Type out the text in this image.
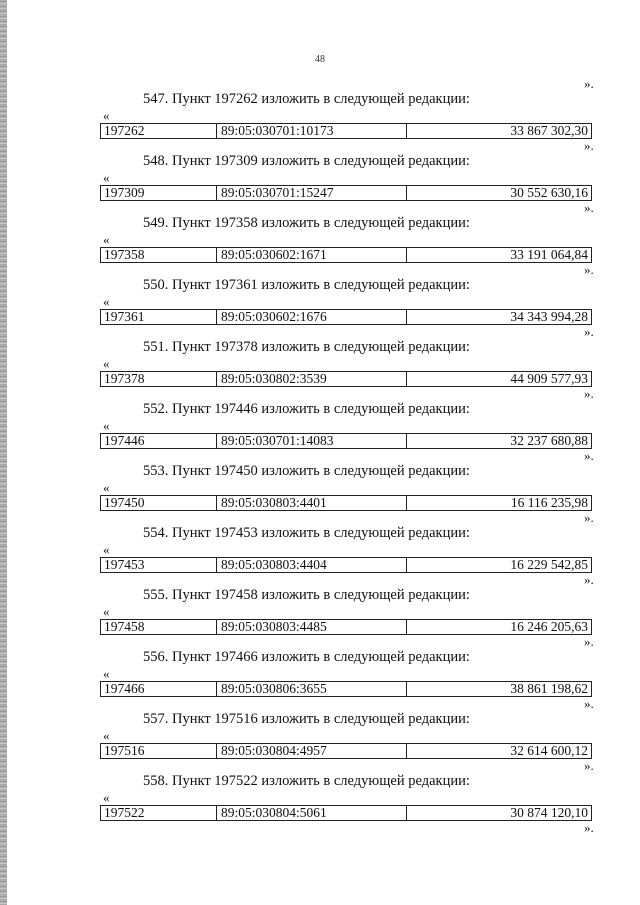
48
».
547. Пункт 197262 изложить в следующей редакции:
«
197262	89:05:030701:10173	33 867 302,30
».
548. Пункт 197309 изложить в следующей редакции:
«
197309	89:05:030701:15247	30 552 630,16
».
549. Пункт 197358 изложить в следующей редакции:
«
197358	89:05:030602:1671	33 191 064,84
».
550. Пункт 197361 изложить в следующей редакции:
«
197361	89:05:030602:1676	34 343 994,28
».
551. Пункт 197378 изложить в следующей редакции:
«
197378	89:05:030802:3539	44 909 577,93
».
552. Пункт 197446 изложить в следующей редакции:
«
197446	89:05:030701:14083	32 237 680,88
».
553. Пункт 197450 изложить в следующей редакции:
«
197450	89:05:030803:4401	16 116 235,98
».
554. Пункт 197453 изложить в следующей редакции:
«
197453	89:05:030803:4404	16 229 542,85
».
555. Пункт 197458 изложить в следующей редакции:
«
197458	89:05:030803:4485	16 246 205,63
».
556. Пункт 197466 изложить в следующей редакции:
«
197466	89:05:030806:3655	38 861 198,62
».
557. Пункт 197516 изложить в следующей редакции:
«
197516	89:05:030804:4957	32 614 600,12
».
558. Пункт 197522 изложить в следующей редакции:
«
197522	89:05:030804:5061	30 874 120,10
».
